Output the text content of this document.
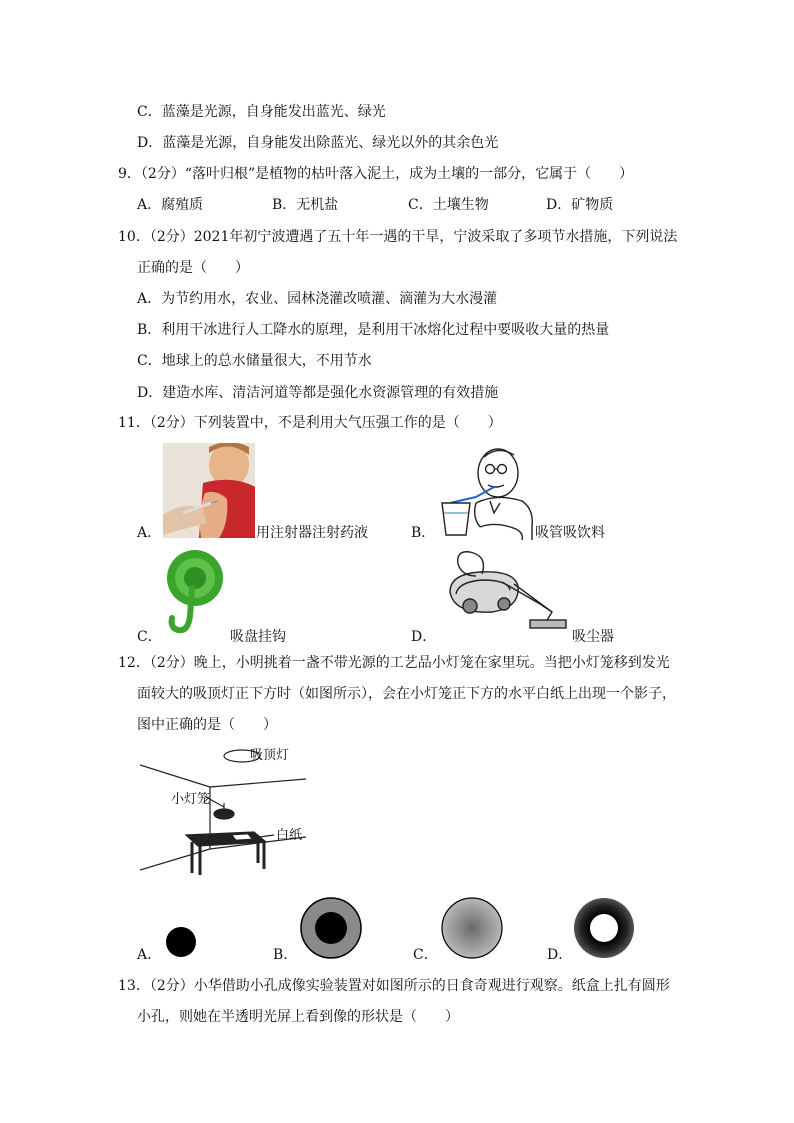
C．蓝藻是光源，自身能发出蓝光、绿光
D．蓝藻是光源，自身能发出除蓝光、绿光以外的其余色光
9．（2分）“落叶归根”是植物的枯叶落入泥土，成为土壤的一部分，它属于（　　）
A．腐殖质	B．无机盐	C．土壤生物	D．矿物质
10．（2分）2021年初宁波遭遇了五十年一遇的干旱，宁波采取了多项节水措施，下列说法
正确的是（　　）
A．为节约用水，农业、园林浇灌改喷灌、滴灌为大水漫灌
B．利用干冰进行人工降水的原理，是利用干冰熔化过程中要吸收大量的热量
C．地球上的总水储量很大，不用节水
D．建造水库、清洁河道等都是强化水资源管理的有效措施
11．（2分）下列装置中，不是利用大气压强工作的是（　　）
A．	用注射器注射药液	B．	吸管吸饮料
C．	吸盘挂钩	D．	吸尘器
12．（2分）晚上，小明挑着一盏不带光源的工艺品小灯笼在家里玩。当把小灯笼移到发光
面较大的吸顶灯正下方时（如图所示），会在小灯笼正下方的水平白纸上出现一个影子，
图中正确的是（　　）
吸顶灯
小灯笼
白纸
A．	B．	C．	D．
13．（2分）小华借助小孔成像实验装置对如图所示的日食奇观进行观察。纸盒上扎有圆形
小孔，则她在半透明光屏上看到像的形状是（　　）
